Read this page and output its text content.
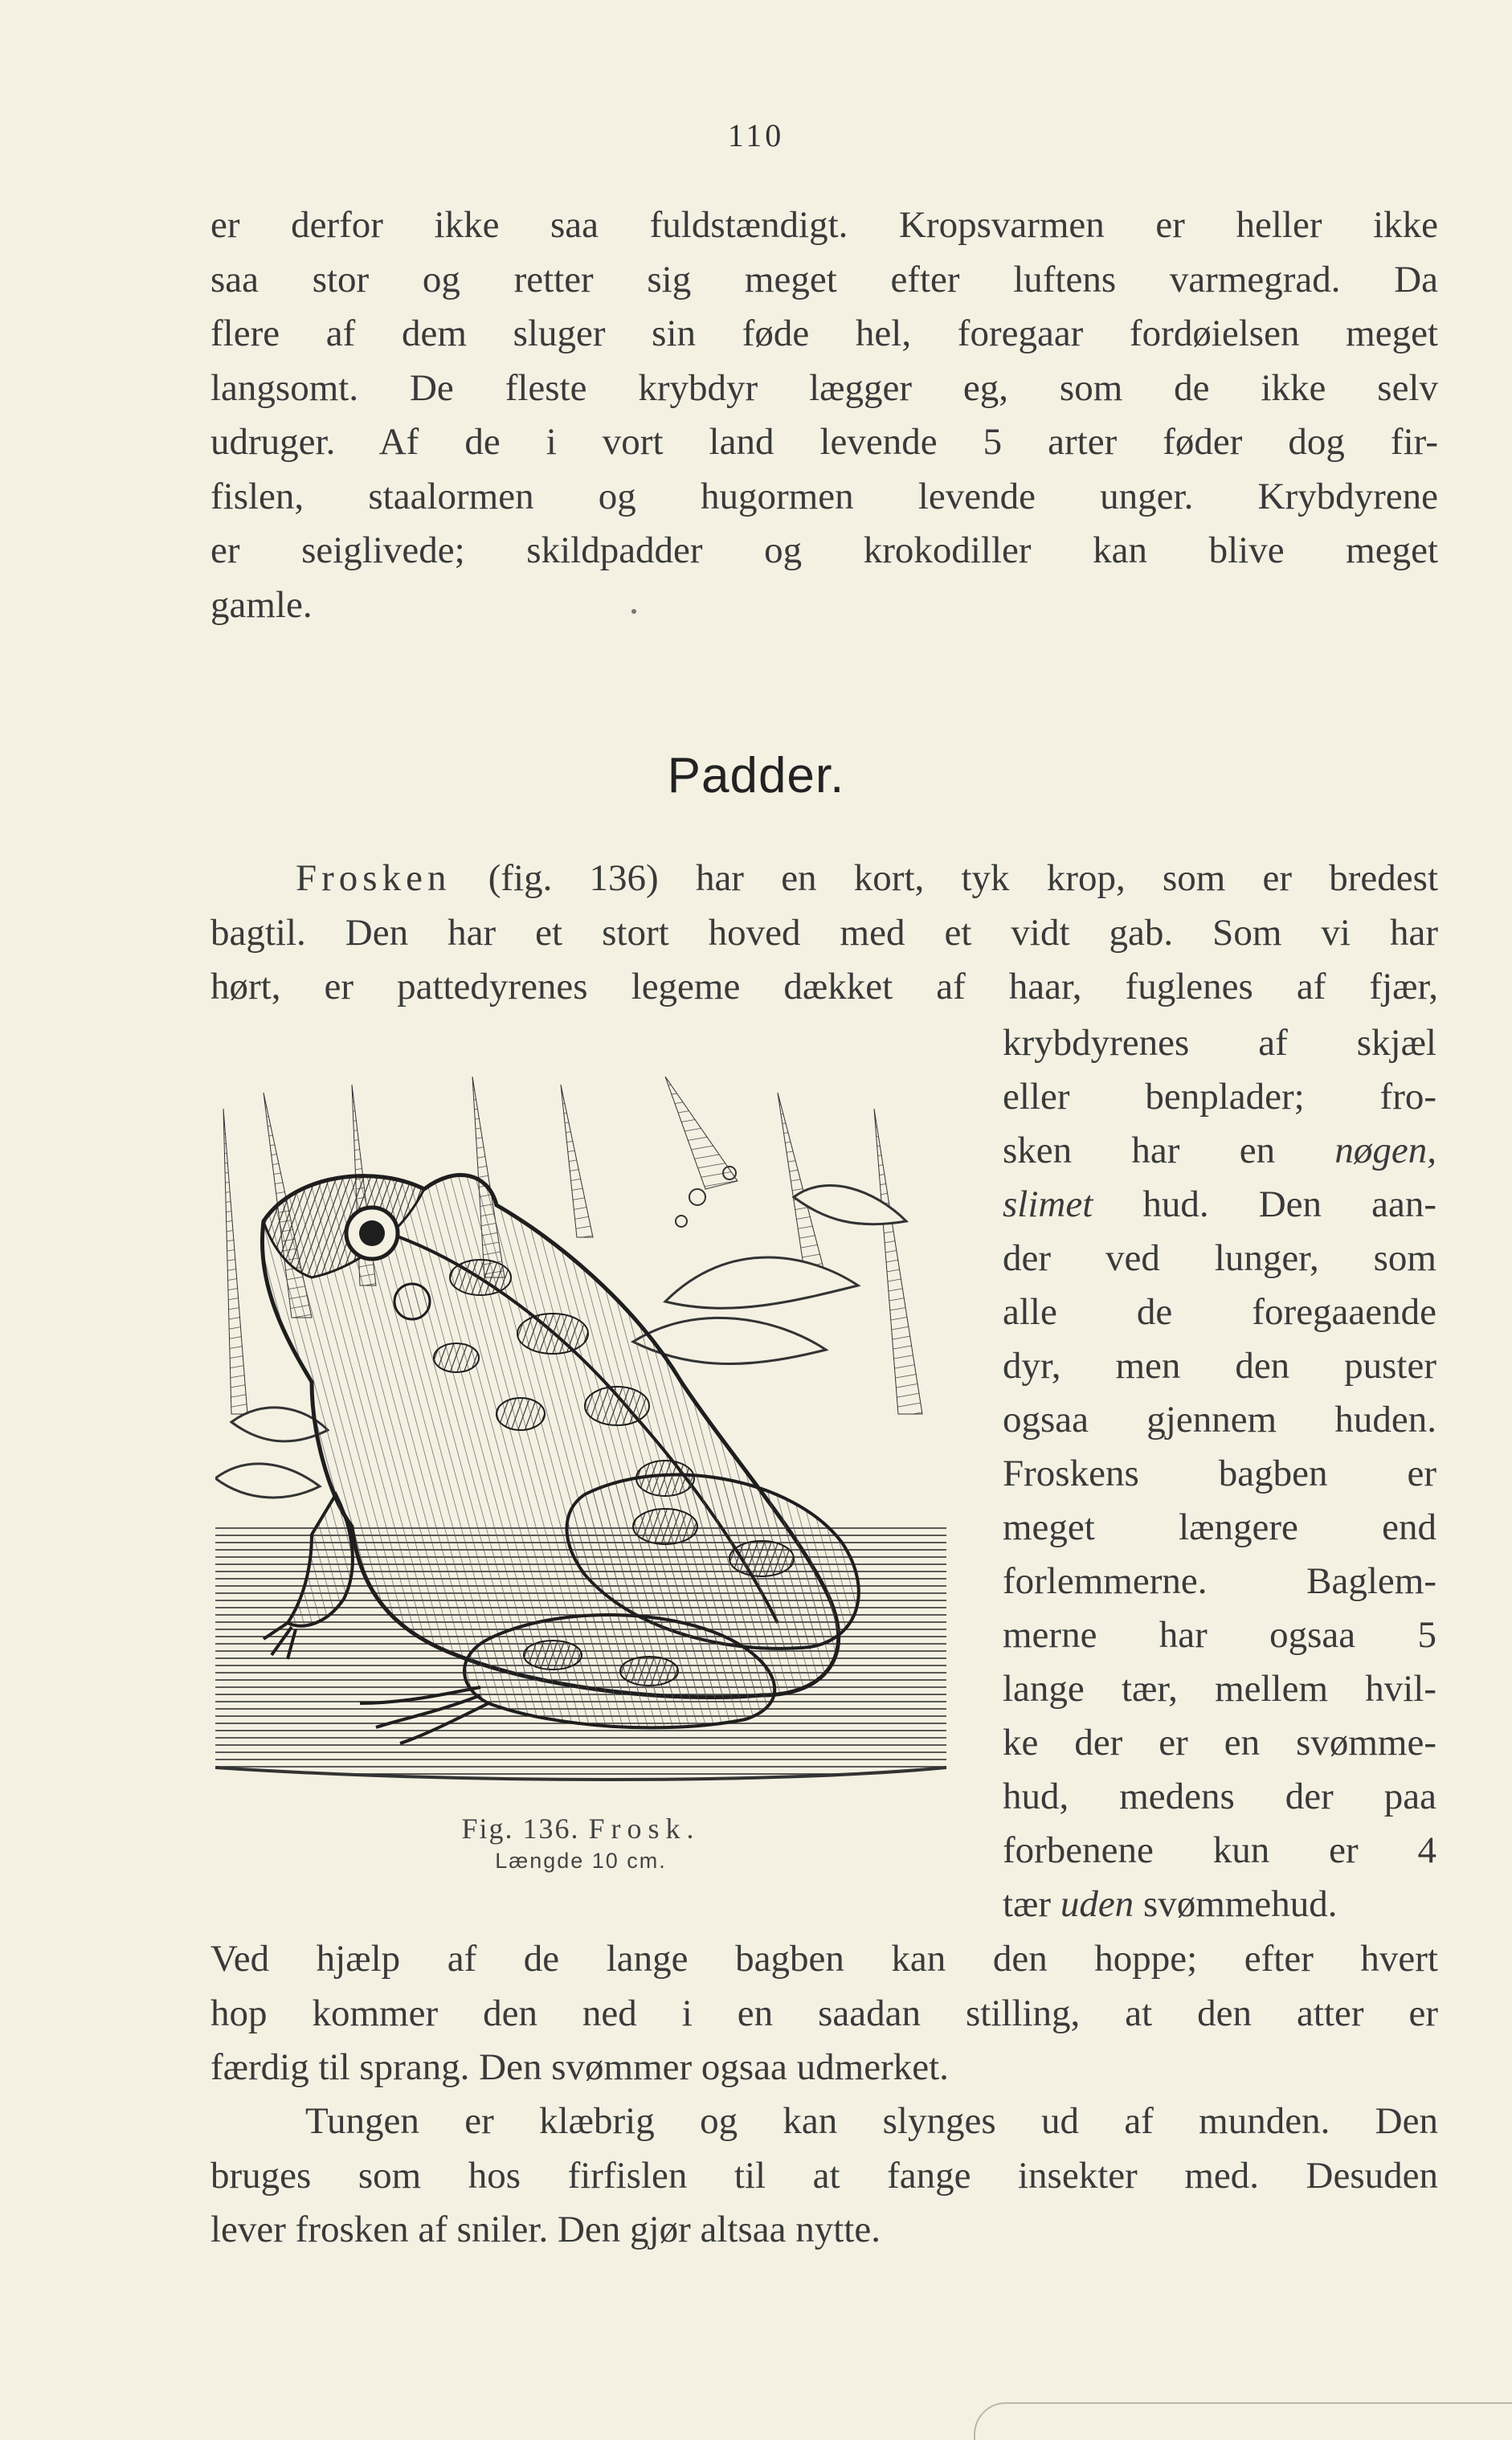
110
er derfor ikke saa fuldstændigt. Kropsvarmen er heller ikke
saa stor og retter sig meget efter luftens varmegrad. Da
flere af dem sluger sin føde hel, foregaar fordøielsen meget
langsomt. De fleste krybdyr lægger eg, som de ikke selv
udruger. Af de i vort land levende 5 arter føder dog fir-
fislen, staalormen og hugormen levende unger. Krybdyrene
er seiglivede; skildpadder og krokodiller kan blive meget
gamle.
Padder.
Frosken (fig. 136) har en kort, tyk krop, som er bredest
bagtil. Den har et stort hoved med et vidt gab. Som vi har
hørt, er pattedyrenes legeme dækket af haar, fuglenes af fjær,
krybdyrenes af skjæl
eller benplader; fro-
sken har en nøgen,
slimet hud. Den aan-
der ved lunger, som
alle de foregaaende
dyr, men den puster
ogsaa gjennem huden.
Froskens bagben er
meget længere end
forlemmerne. Baglem-
merne har ogsaa 5
lange tær, mellem hvil-
ke der er en svømme-
hud, medens der paa
forbenene kun er 4
tær uden svømmehud.
Fig. 136. Frosk.
Længde 10 cm.
Ved hjælp af de lange bagben kan den hoppe; efter hvert
hop kommer den ned i en saadan stilling, at den atter er
færdig til sprang. Den svømmer ogsaa udmerket.
Tungen er klæbrig og kan slynges ud af munden. Den
bruges som hos firfislen til at fange insekter med. Desuden
lever frosken af sniler. Den gjør altsaa nytte.
